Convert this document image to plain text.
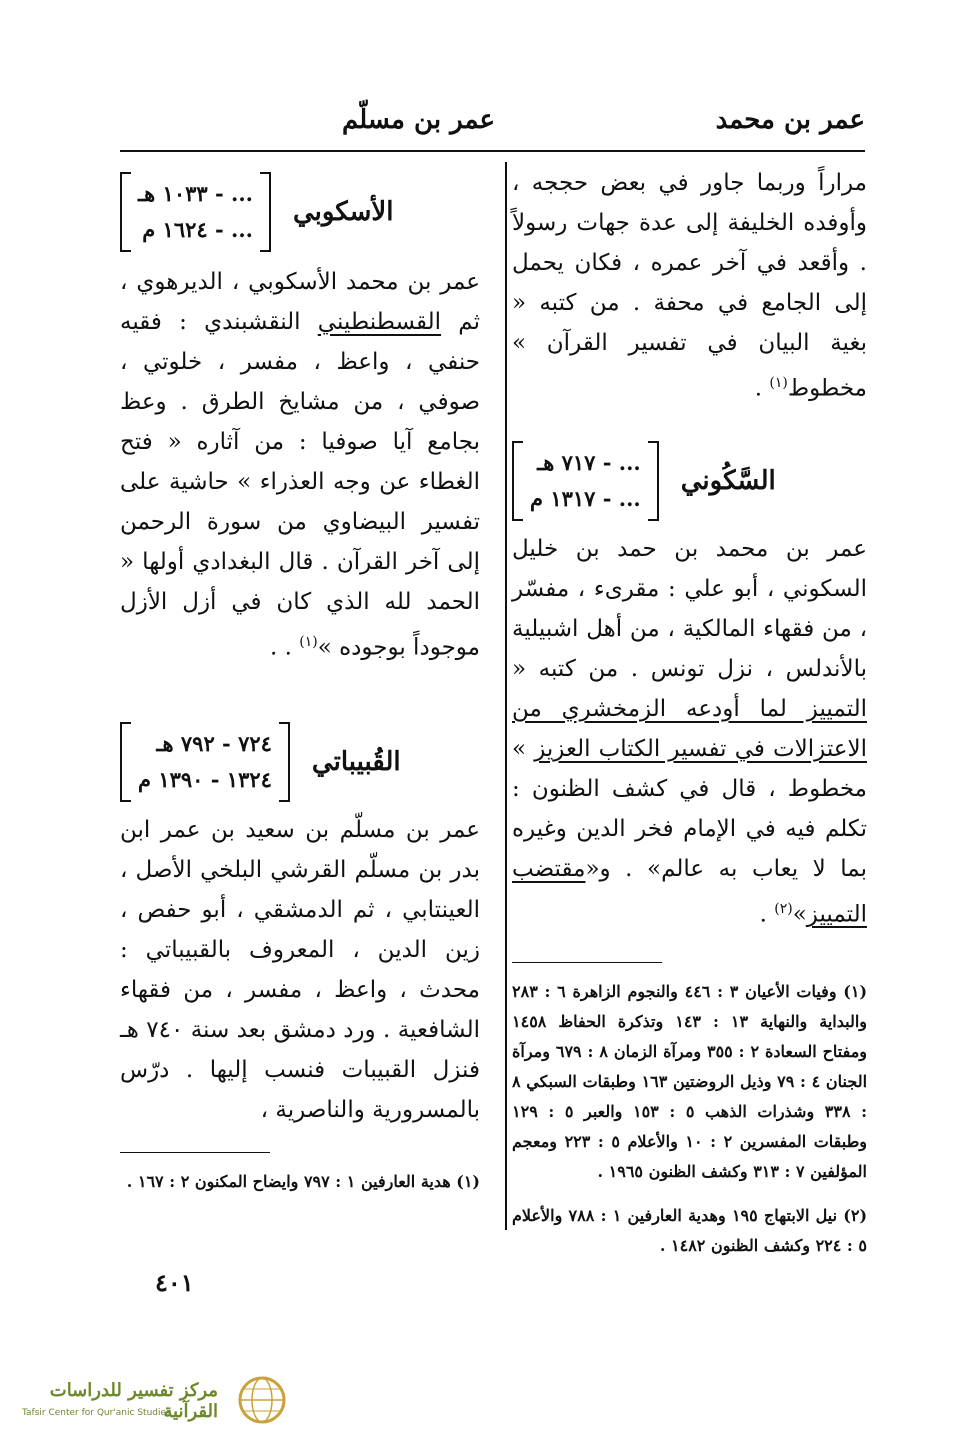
عمر بن محمد
عمر بن مسلّم

مراراً وربما جاور في بعض حججه ، وأوفده الخليفة إلى عدة جهات رسولاً . وأقعد في آخر عمره ، فكان يحمل إلى الجامع في محفة . من كتبه « بغية البيان في تفسير القرآن » مخطوط$^{(١)}$ .

السَّكُوني
... - ٧١٧ هـ
... - ١٣١٧ م

عمر بن محمد بن حمد بن خليل السكوني ، أبو علي : مقرىء ، مفسّر ، من فقهاء المالكية ، من أهل اشبيلية بالأندلس ، نزل تونس . من كتبه « التمييز لما أودعه الزمخشري من الاعتزالات في تفسير الكتاب العزيز » مخطوط ، قال في كشف الظنون : تكلم فيه في الإمام فخر الدين وغيره بما لا يعاب به عالم» . و«مقتضب التمييز»$^{(٢)}$ .

(١) وفيات الأعيان ٣ : ٤٤٦ والنجوم الزاهرة ٦ : ٢٨٣ والبداية والنهاية ١٣ : ١٤٣ وتذكرة الحفاظ ١٤٥٨ ومفتاح السعادة ٢ : ٣٥٥ ومرآة الزمان ٨ : ٦٧٩ ومرآة الجنان ٤ : ٧٩ وذيل الروضتين ١٦٣ وطبقات السبكي ٨ : ٣٣٨ وشذرات الذهب ٥ : ١٥٣ والعبر ٥ : ١٢٩ وطبقات المفسرين ٢ : ١٠ والأعلام ٥ : ٢٢٣ ومعجم المؤلفين ٧ : ٣١٣ وكشف الظنون ١٩٦٥ .

(٢) نيل الابتهاج ١٩٥ وهدية العارفين ١ : ٧٨٨ والأعلام ٥ : ٢٢٤ وكشف الظنون ١٤٨٢ .

الأسكوبي
... - ١٠٣٣ هـ
... - ١٦٢٤ م

عمر بن محمد الأسكوبي ، الديرهوي ، ثم القسطنطيني النقشبندي : فقيه حنفي ، واعظ ، مفسر ، خلوتي ، صوفي ، من مشايخ الطرق . وعظ بجامع آيا صوفيا : من آثاره « فتح الغطاء عن وجه العذراء » حاشية على تفسير البيضاوي من سورة الرحمن إلى آخر القرآن . قال البغدادي أولها « الحمد لله الذي كان في أزل الأزل موجوداً بوجوده »$^{(١)}$ . .

القُبيباتي
٧٢٤ - ٧٩٢ هـ
١٣٢٤ - ١٣٩٠ م

عمر بن مسلّم بن سعيد بن عمر ابن بدر بن مسلّم القرشي البلخي الأصل ، العينتابي ، ثم الدمشقي ، أبو حفص ، زين الدين ، المعروف بالقبيباتي : محدث ، واعظ ، مفسر ، من فقهاء الشافعية . ورد دمشق بعد سنة ٧٤٠ هـ فنزل القبيبات فنسب إليها . درّس بالمسرورية والناصرية ،

(١) هدية العارفين ١ : ٧٩٧ وايضاح المكنون ٢ : ١٦٧ .

٤٠١
مركز تفسير للدراسات القرآنية
Tafsir Center for Qur'anic Studies
